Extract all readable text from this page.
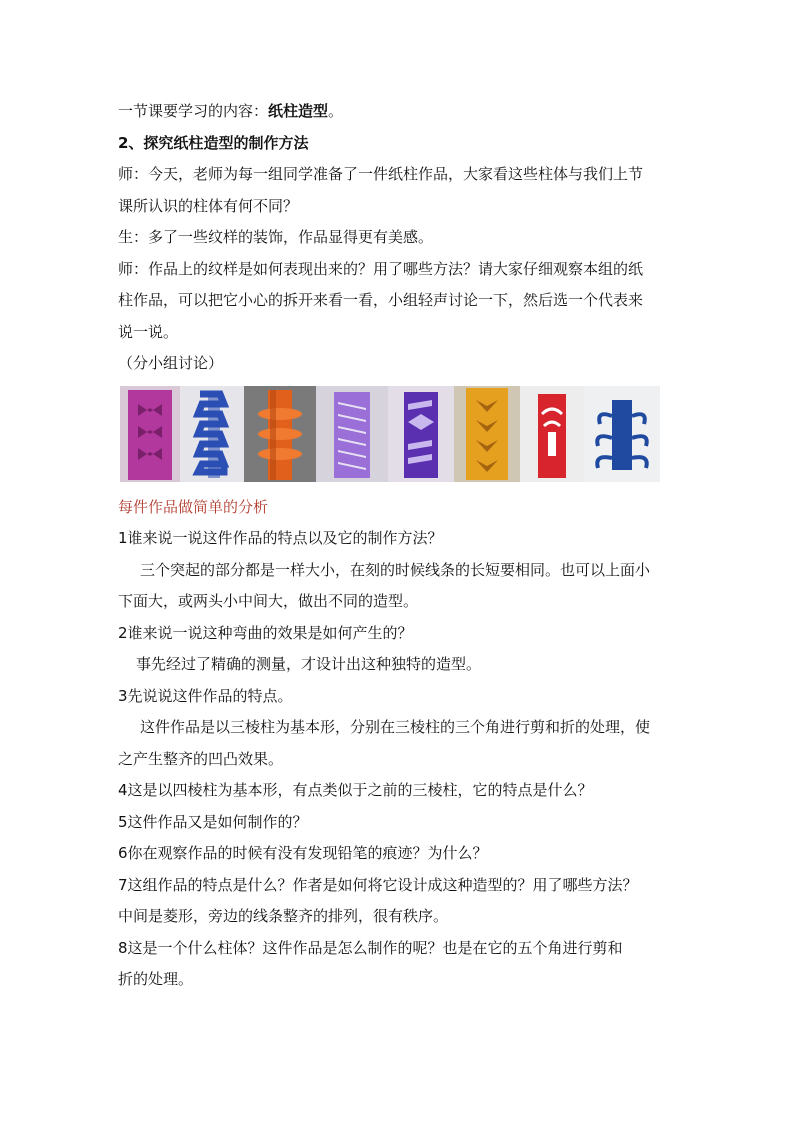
一节课要学习的内容：纸柱造型。
2、探究纸柱造型的制作方法
师：今天，老师为每一组同学准备了一件纸柱作品，大家看这些柱体与我们上节
课所认识的柱体有何不同？
生：多了一些纹样的装饰，作品显得更有美感。
师：作品上的纹样是如何表现出来的？用了哪些方法？请大家仔细观察本组的纸
柱作品，可以把它小心的拆开来看一看，小组轻声讨论一下，然后选一个代表来
说一说。
（分小组讨论）
每件作品做简单的分析
1谁来说一说这件作品的特点以及它的制作方法？
三个突起的部分都是一样大小，在刻的时候线条的长短要相同。也可以上面小
下面大，或两头小中间大，做出不同的造型。
2谁来说一说这种弯曲的效果是如何产生的？
事先经过了精确的测量，才设计出这种独特的造型。
3先说说这件作品的特点。
这件作品是以三棱柱为基本形，分别在三棱柱的三个角进行剪和折的处理，使
之产生整齐的凹凸效果。
4这是以四棱柱为基本形，有点类似于之前的三棱柱，它的特点是什么？
5这件作品又是如何制作的？
6你在观察作品的时候有没有发现铅笔的痕迹？为什么？
7这组作品的特点是什么？作者是如何将它设计成这种造型的？用了哪些方法？
中间是菱形，旁边的线条整齐的排列，很有秩序。
8这是一个什么柱体？这件作品是怎么制作的呢？也是在它的五个角进行剪和
折的处理。
